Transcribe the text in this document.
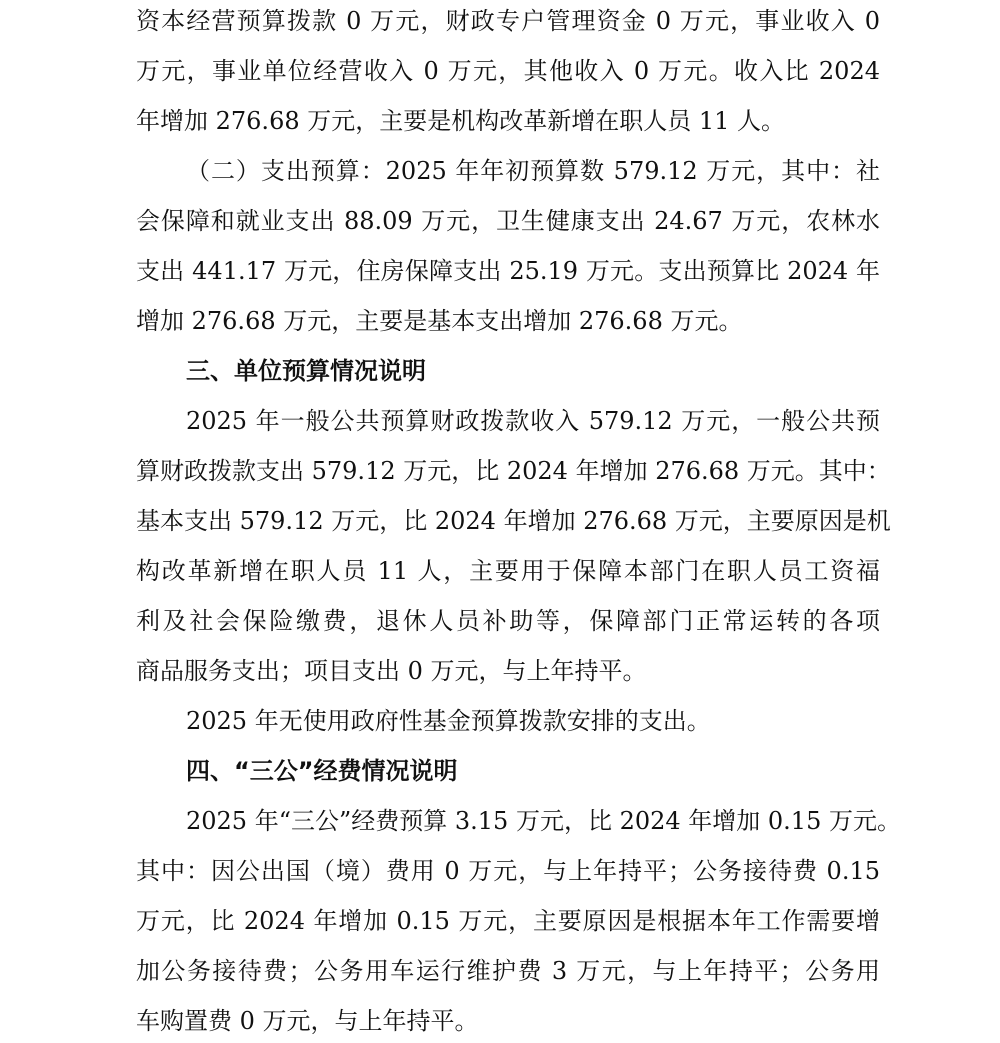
资本经营预算拨款 0 万元，财政专户管理资金 0 万元，事业收入 0
万元，事业单位经营收入 0 万元，其他收入 0 万元。收入比 2024
年增加 276.68 万元，主要是机构改革新增在职人员 11 人。
（二）支出预算：2025 年年初预算数 579.12 万元，其中：社
会保障和就业支出 88.09 万元，卫生健康支出 24.67 万元，农林水
支出 441.17 万元，住房保障支出 25.19 万元。支出预算比 2024 年
增加 276.68 万元，主要是基本支出增加 276.68 万元。
三、单位预算情况说明
2025 年一般公共预算财政拨款收入 579.12 万元，一般公共预
算财政拨款支出 579.12 万元，比 2024 年增加 276.68 万元。其中：
基本支出 579.12 万元，比 2024 年增加 276.68 万元，主要原因是机
构改革新增在职人员 11 人，主要用于保障本部门在职人员工资福
利及社会保险缴费，退休人员补助等，保障部门正常运转的各项
商品服务支出；项目支出 0 万元，与上年持平。
2025 年无使用政府性基金预算拨款安排的支出。
四、“三公”经费情况说明
2025 年“三公”经费预算 3.15 万元，比 2024 年增加 0.15 万元。
其中：因公出国（境）费用 0 万元，与上年持平；公务接待费 0.15
万元，比 2024 年增加 0.15 万元，主要原因是根据本年工作需要增
加公务接待费；公务用车运行维护费 3 万元，与上年持平；公务用
车购置费 0 万元，与上年持平。
